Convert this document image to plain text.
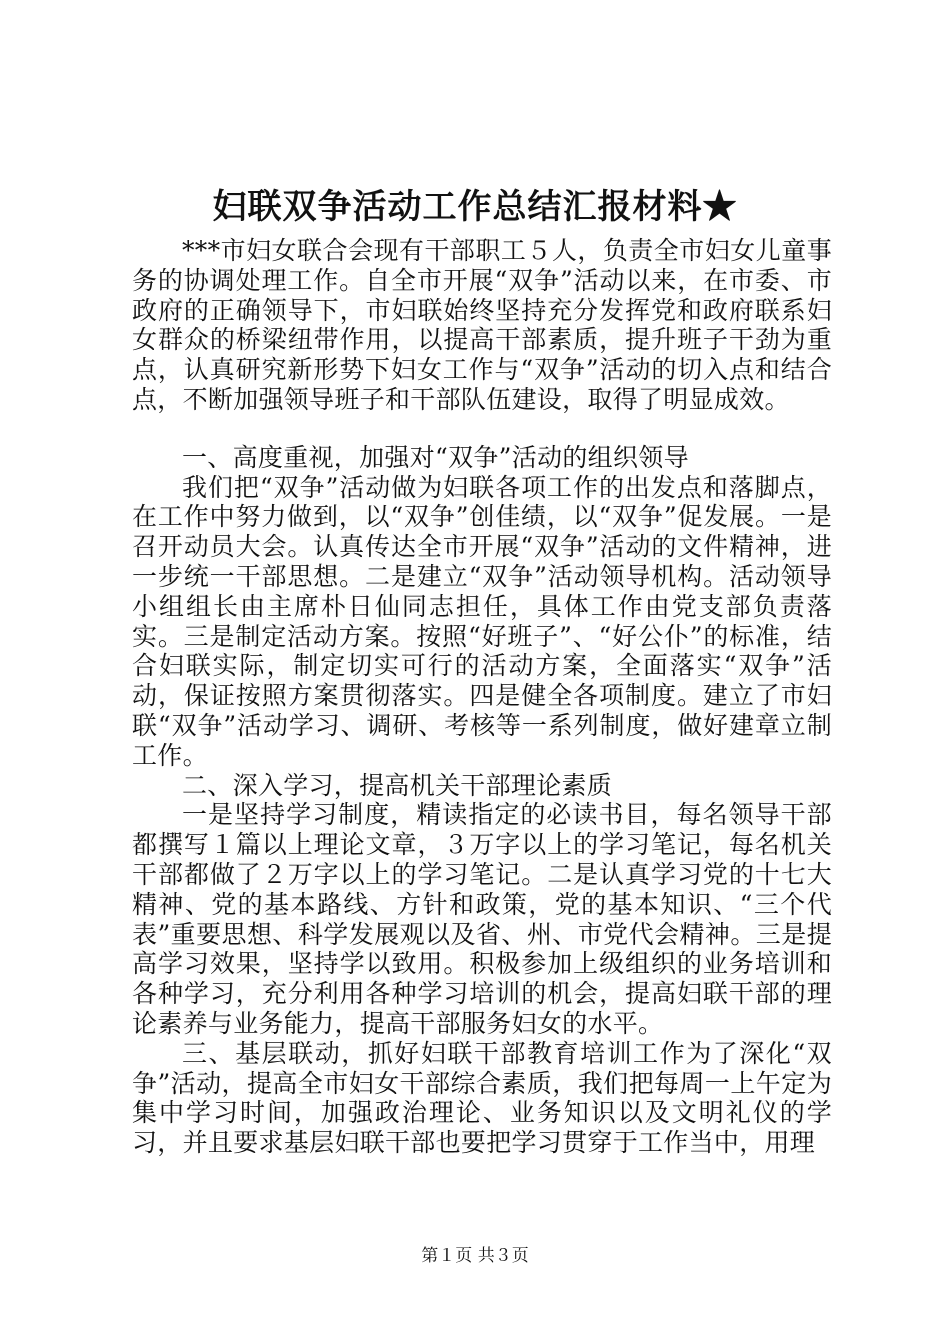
妇联双争活动工作总结汇报材料★

***市妇女联合会现有干部职工５人，负责全市妇女儿童事务的协调处理工作。自全市开展“双争”活动以来，在市委、市政府的正确领导下，市妇联始终坚持充分发挥党和政府联系妇女群众的桥梁纽带作用，以提高干部素质，提升班子干劲为重点，认真研究新形势下妇女工作与“双争”活动的切入点和结合点，不断加强领导班子和干部队伍建设，取得了明显成效。

一、高度重视，加强对“双争”活动的组织领导

我们把“双争”活动做为妇联各项工作的出发点和落脚点，在工作中努力做到，以“双争”创佳绩，以“双争”促发展。一是召开动员大会。认真传达全市开展“双争”活动的文件精神，进一步统一干部思想。二是建立“双争”活动领导机构。活动领导小组组长由主席朴日仙同志担任，具体工作由党支部负责落实。三是制定活动方案。按照“好班子”、“好公仆”的标准，结合妇联实际，制定切实可行的活动方案，全面落实“双争”活动，保证按照方案贯彻落实。四是健全各项制度。建立了市妇联“双争”活动学习、调研、考核等一系列制度，做好建章立制工作。

二、深入学习，提高机关干部理论素质

一是坚持学习制度，精读指定的必读书目，每名领导干部都撰写１篇以上理论文章，３万字以上的学习笔记，每名机关干部都做了２万字以上的学习笔记。二是认真学习党的十七大精神、党的基本路线、方针和政策，党的基本知识、“三个代表”重要思想、科学发展观以及省、州、市党代会精神。三是提高学习效果，坚持学以致用。积极参加上级组织的业务培训和各种学习，充分利用各种学习培训的机会，提高妇联干部的理论素养与业务能力，提高干部服务妇女的水平。

三、基层联动，抓好妇联干部教育培训工作为了深化“双争”活动，提高全市妇女干部综合素质，我们把每周一上午定为集中学习时间，加强政治理论、业务知识以及文明礼仪的学习，并且要求基层妇联干部也要把学习贯穿于工作当中，用理

第１页 共３页
